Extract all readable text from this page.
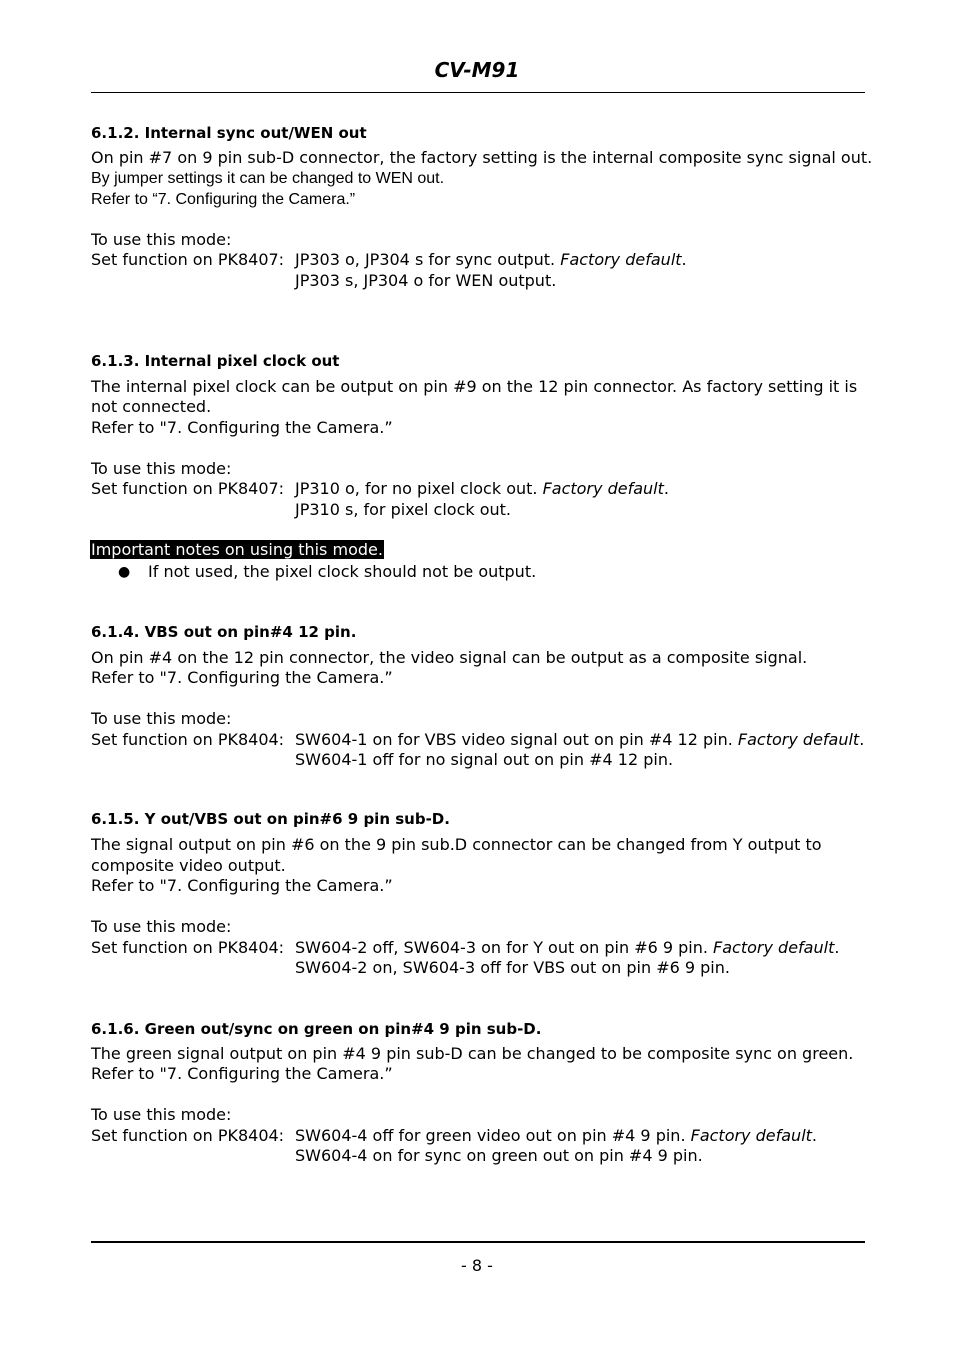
CV-M91
6.1.2. Internal sync out/WEN out
On pin #7 on 9 pin sub-D connector, the factory setting is the internal composite sync signal out.
By jumper settings it can be changed to WEN out.
Refer to “7. Configuring the Camera.”
To use this mode:
Set function on PK8407: JP303 o, JP304 s for sync output. Factory default.
JP303 s, JP304 o for WEN output.
6.1.3. Internal pixel clock out
The internal pixel clock can be output on pin #9 on the 12 pin connector. As factory setting it is
not connected.
Refer to "7. Configuring the Camera.”
To use this mode:
Set function on PK8407: JP310 o, for no pixel clock out. Factory default.
JP310 s, for pixel clock out.
Important notes on using this mode.
● If not used, the pixel clock should not be output.
6.1.4. VBS out on pin#4 12 pin.
On pin #4 on the 12 pin connector, the video signal can be output as a composite signal.
Refer to "7. Configuring the Camera.”
To use this mode:
Set function on PK8404: SW604-1 on for VBS video signal out on pin #4 12 pin. Factory default.
SW604-1 off for no signal out on pin #4 12 pin.
6.1.5. Y out/VBS out on pin#6 9 pin sub-D.
The signal output on pin #6 on the 9 pin sub.D connector can be changed from Y output to
composite video output.
Refer to "7. Configuring the Camera.”
To use this mode:
Set function on PK8404: SW604-2 off, SW604-3 on for Y out on pin #6 9 pin. Factory default.
SW604-2 on, SW604-3 off for VBS out on pin #6 9 pin.
6.1.6. Green out/sync on green on pin#4 9 pin sub-D.
The green signal output on pin #4 9 pin sub-D can be changed to be composite sync on green.
Refer to "7. Configuring the Camera.”
To use this mode:
Set function on PK8404: SW604-4 off for green video out on pin #4 9 pin. Factory default.
SW604-4 on for sync on green out on pin #4 9 pin.
- 8 -
